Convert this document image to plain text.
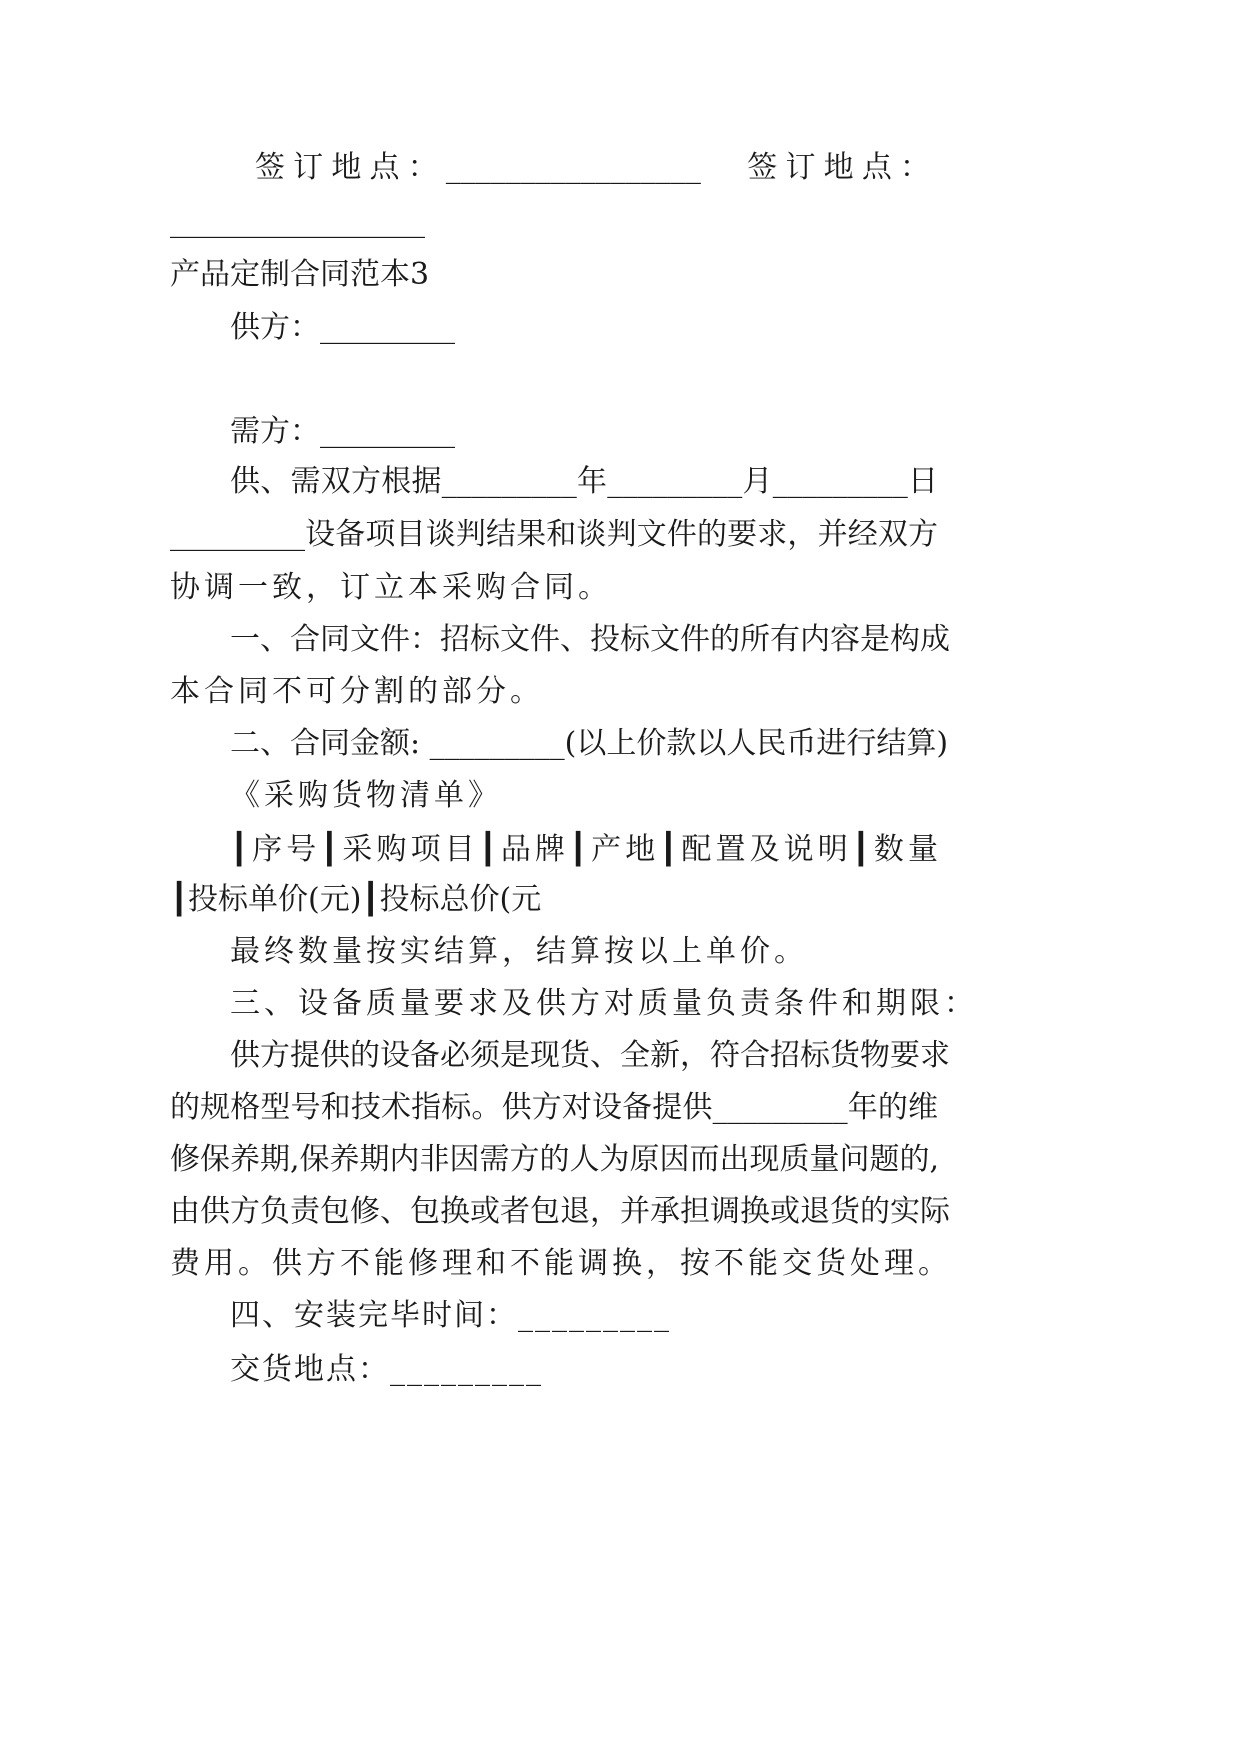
签订地点：_________________　签订地点：
_________________
产品定制合同范本3
供方：_________
需方：_________
供、需双方根据_________年_________月_________日
_________设备项目谈判结果和谈判文件的要求，并经双方
协调一致，订立本采购合同。
一、合同文件：招标文件、投标文件的所有内容是构成
本合同不可分割的部分。
二、合同金额: _________(以上价款以人民币进行结算)
《采购货物清单》
┃序号┃采购项目┃品牌┃产地┃配置及说明┃数量
┃投标单价(元)┃投标总价(元
最终数量按实结算，结算按以上单价。
三、设备质量要求及供方对质量负责条件和期限：
供方提供的设备必须是现货、全新，符合招标货物要求
的规格型号和技术指标。供方对设备提供_________年的维
修保养期,保养期内非因需方的人为原因而出现质量问题的,
由供方负责包修、包换或者包退，并承担调换或退货的实际
费用。供方不能修理和不能调换，按不能交货处理。
四、安装完毕时间：_________
交货地点：_________
